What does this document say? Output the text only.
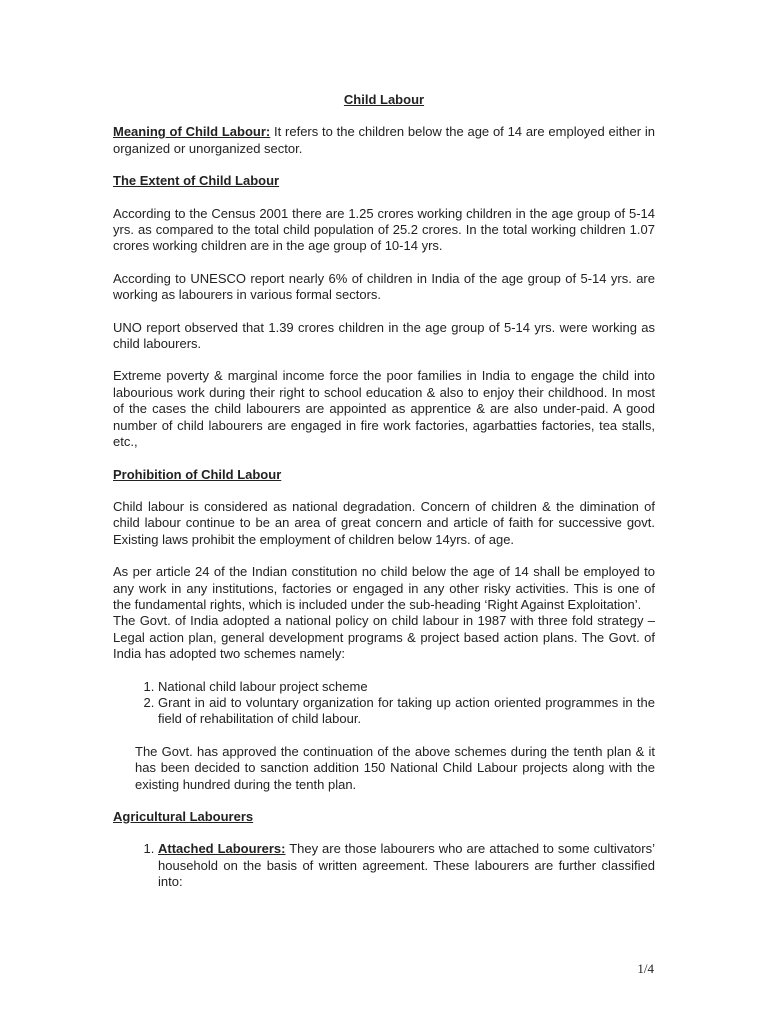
Child Labour

Meaning of Child Labour: It refers to the children below the age of 14 are employed either in organized or unorganized sector.

The Extent of Child Labour

According to the Census 2001 there are 1.25 crores working children in the age group of 5-14 yrs. as compared to the total child population of 25.2 crores. In the total working children 1.07 crores working children are in the age group of 10-14 yrs.

According to UNESCO report nearly 6% of children in India of the age group of 5-14 yrs. are working as labourers in various formal sectors.

UNO report observed that 1.39 crores children in the age group of 5-14 yrs. were working as child labourers.

Extreme poverty & marginal income force the poor families in India to engage the child into labourious work during their right to school education & also to enjoy their childhood. In most of the cases the child labourers are appointed as apprentice & are also under-paid. A good number of child labourers are engaged in fire work factories, agarbatties factories, tea stalls, etc.,

Prohibition of Child Labour

Child labour is considered as national degradation. Concern of children & the dimination of child labour continue to be an area of great concern and article of faith for successive govt. Existing laws prohibit the employment of children below 14yrs. of age.

As per article 24 of the Indian constitution no child below the age of 14 shall be employed to any work in any institutions, factories or engaged in any other risky activities. This is one of the fundamental rights, which is included under the sub-heading ‘Right Against Exploitation’.

The Govt. of India adopted a national policy on child labour in 1987 with three fold strategy – Legal action plan, general development programs & project based action plans. The Govt. of India has adopted two schemes namely:

1. National child labour project scheme
2. Grant in aid to voluntary organization for taking up action oriented programmes in the field of rehabilitation of child labour.

The Govt. has approved the continuation of the above schemes during the tenth plan & it has been decided to sanction addition 150 National Child Labour projects along with the existing hundred during the tenth plan.

Agricultural Labourers
1. Attached Labourers: They are those labourers who are attached to some cultivators’ household on the basis of written agreement. These labourers are further classified into:
1/4
